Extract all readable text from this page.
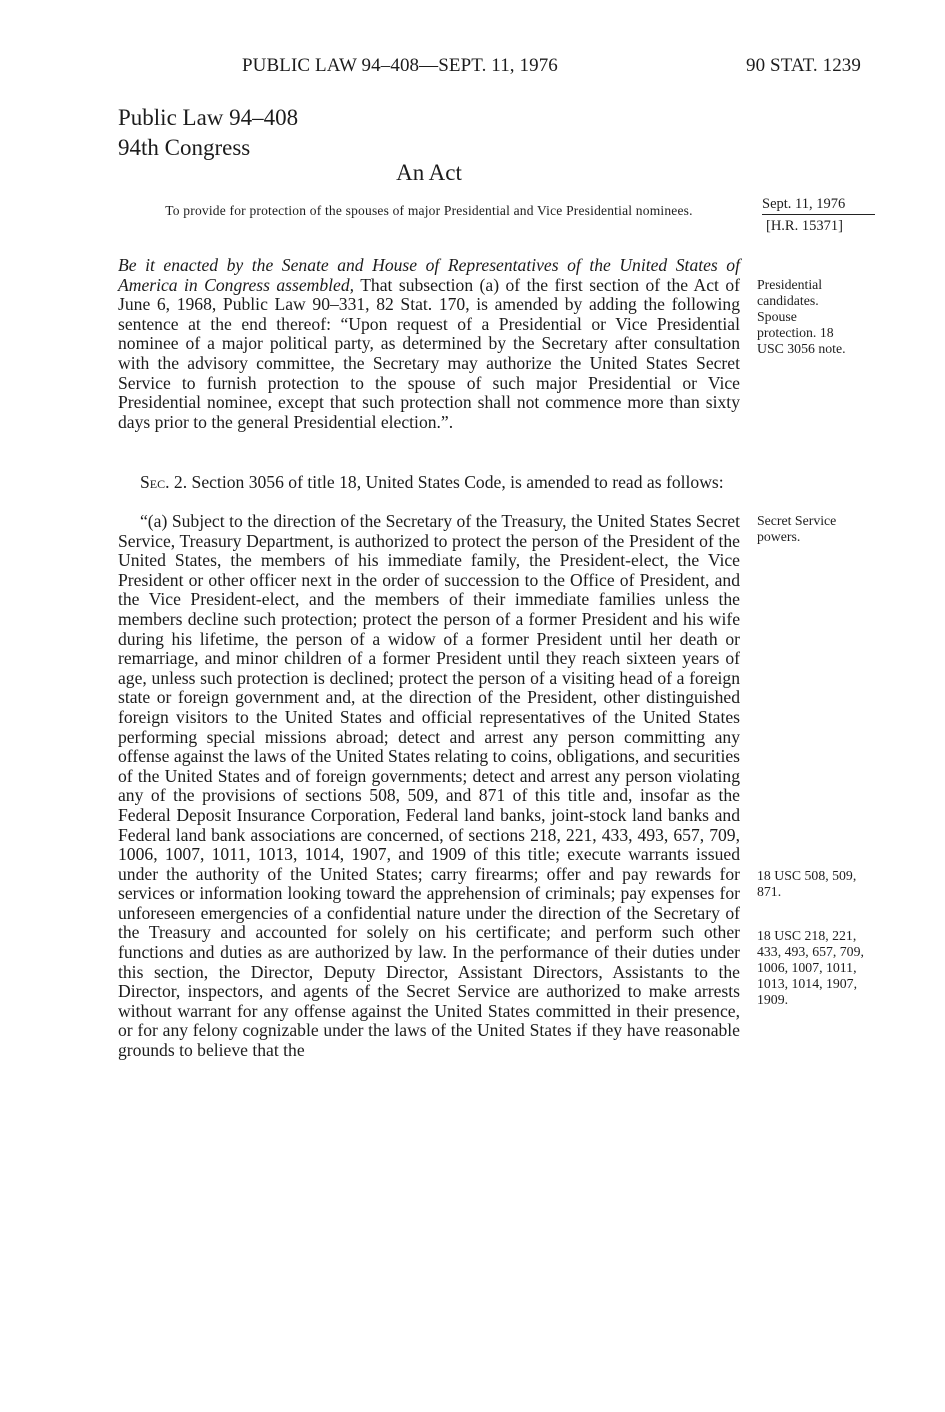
PUBLIC LAW 94–408—SEPT. 11, 1976	90 STAT. 1239
Public Law 94–408
94th Congress
An Act
To provide for protection of the spouses of major Presidential and Vice Presidential nominees.	Sept. 11, 1976
[H.R. 15371]

Be it enacted by the Senate and House of Representatives of the United States of America in Congress assembled, That subsection (a) of the first section of the Act of June 6, 1968, Public Law 90–331, 82 Stat. 170, is amended by adding the following sentence at the end thereof: “Upon request of a Presidential or Vice Presidential nominee of a major political party, as determined by the Secretary after consultation with the advisory committee, the Secretary may authorize the United States Secret Service to furnish protection to the spouse of such major Presidential or Vice Presidential nominee, except that such protection shall not commence more than sixty days prior to the general Presidential election.”.

Sec. 2. Section 3056 of title 18, United States Code, is amended to read as follows:

“(a) Subject to the direction of the Secretary of the Treasury, the United States Secret Service, Treasury Department, is authorized to protect the person of the President of the United States, the members of his immediate family, the President-elect, the Vice President or other officer next in the order of succession to the Office of President, and the Vice President-elect, and the members of their immediate families unless the members decline such protection; protect the person of a former President and his wife during his lifetime, the person of a widow of a former President until her death or remarriage, and minor children of a former President until they reach sixteen years of age, unless such protection is declined; protect the person of a visiting head of a foreign state or foreign government and, at the direction of the President, other distinguished foreign visitors to the United States and official representatives of the United States performing special missions abroad; detect and arrest any person committing any offense against the laws of the United States relating to coins, obligations, and securities of the United States and of foreign governments; detect and arrest any person violating any of the provisions of sections 508, 509, and 871 of this title and, insofar as the Federal Deposit Insurance Corporation, Federal land banks, joint-stock land banks and Federal land bank associations are concerned, of sections 218, 221, 433, 493, 657, 709, 1006, 1007, 1011, 1013, 1014, 1907, and 1909 of this title; execute warrants issued under the authority of the United States; carry firearms; offer and pay rewards for services or information looking toward the apprehension of criminals; pay expenses for unforeseen emergencies of a confidential nature under the direction of the Secretary of the Treasury and accounted for solely on his certificate; and perform such other functions and duties as are authorized by law. In the performance of their duties under this section, the Director, Deputy Director, Assistant Directors, Assistants to the Director, inspectors, and agents of the Secret Service are authorized to make arrests without warrant for any offense against the United States committed in their presence, or for any felony cognizable under the laws of the United States if they have reasonable grounds to believe that the

Presidential candidates. Spouse protection. 18 USC 3056 note.
Secret Service powers.
18 USC 508, 509, 871.
18 USC 218, 221, 433, 493, 657, 709, 1006, 1007, 1011, 1013, 1014, 1907, 1909.
